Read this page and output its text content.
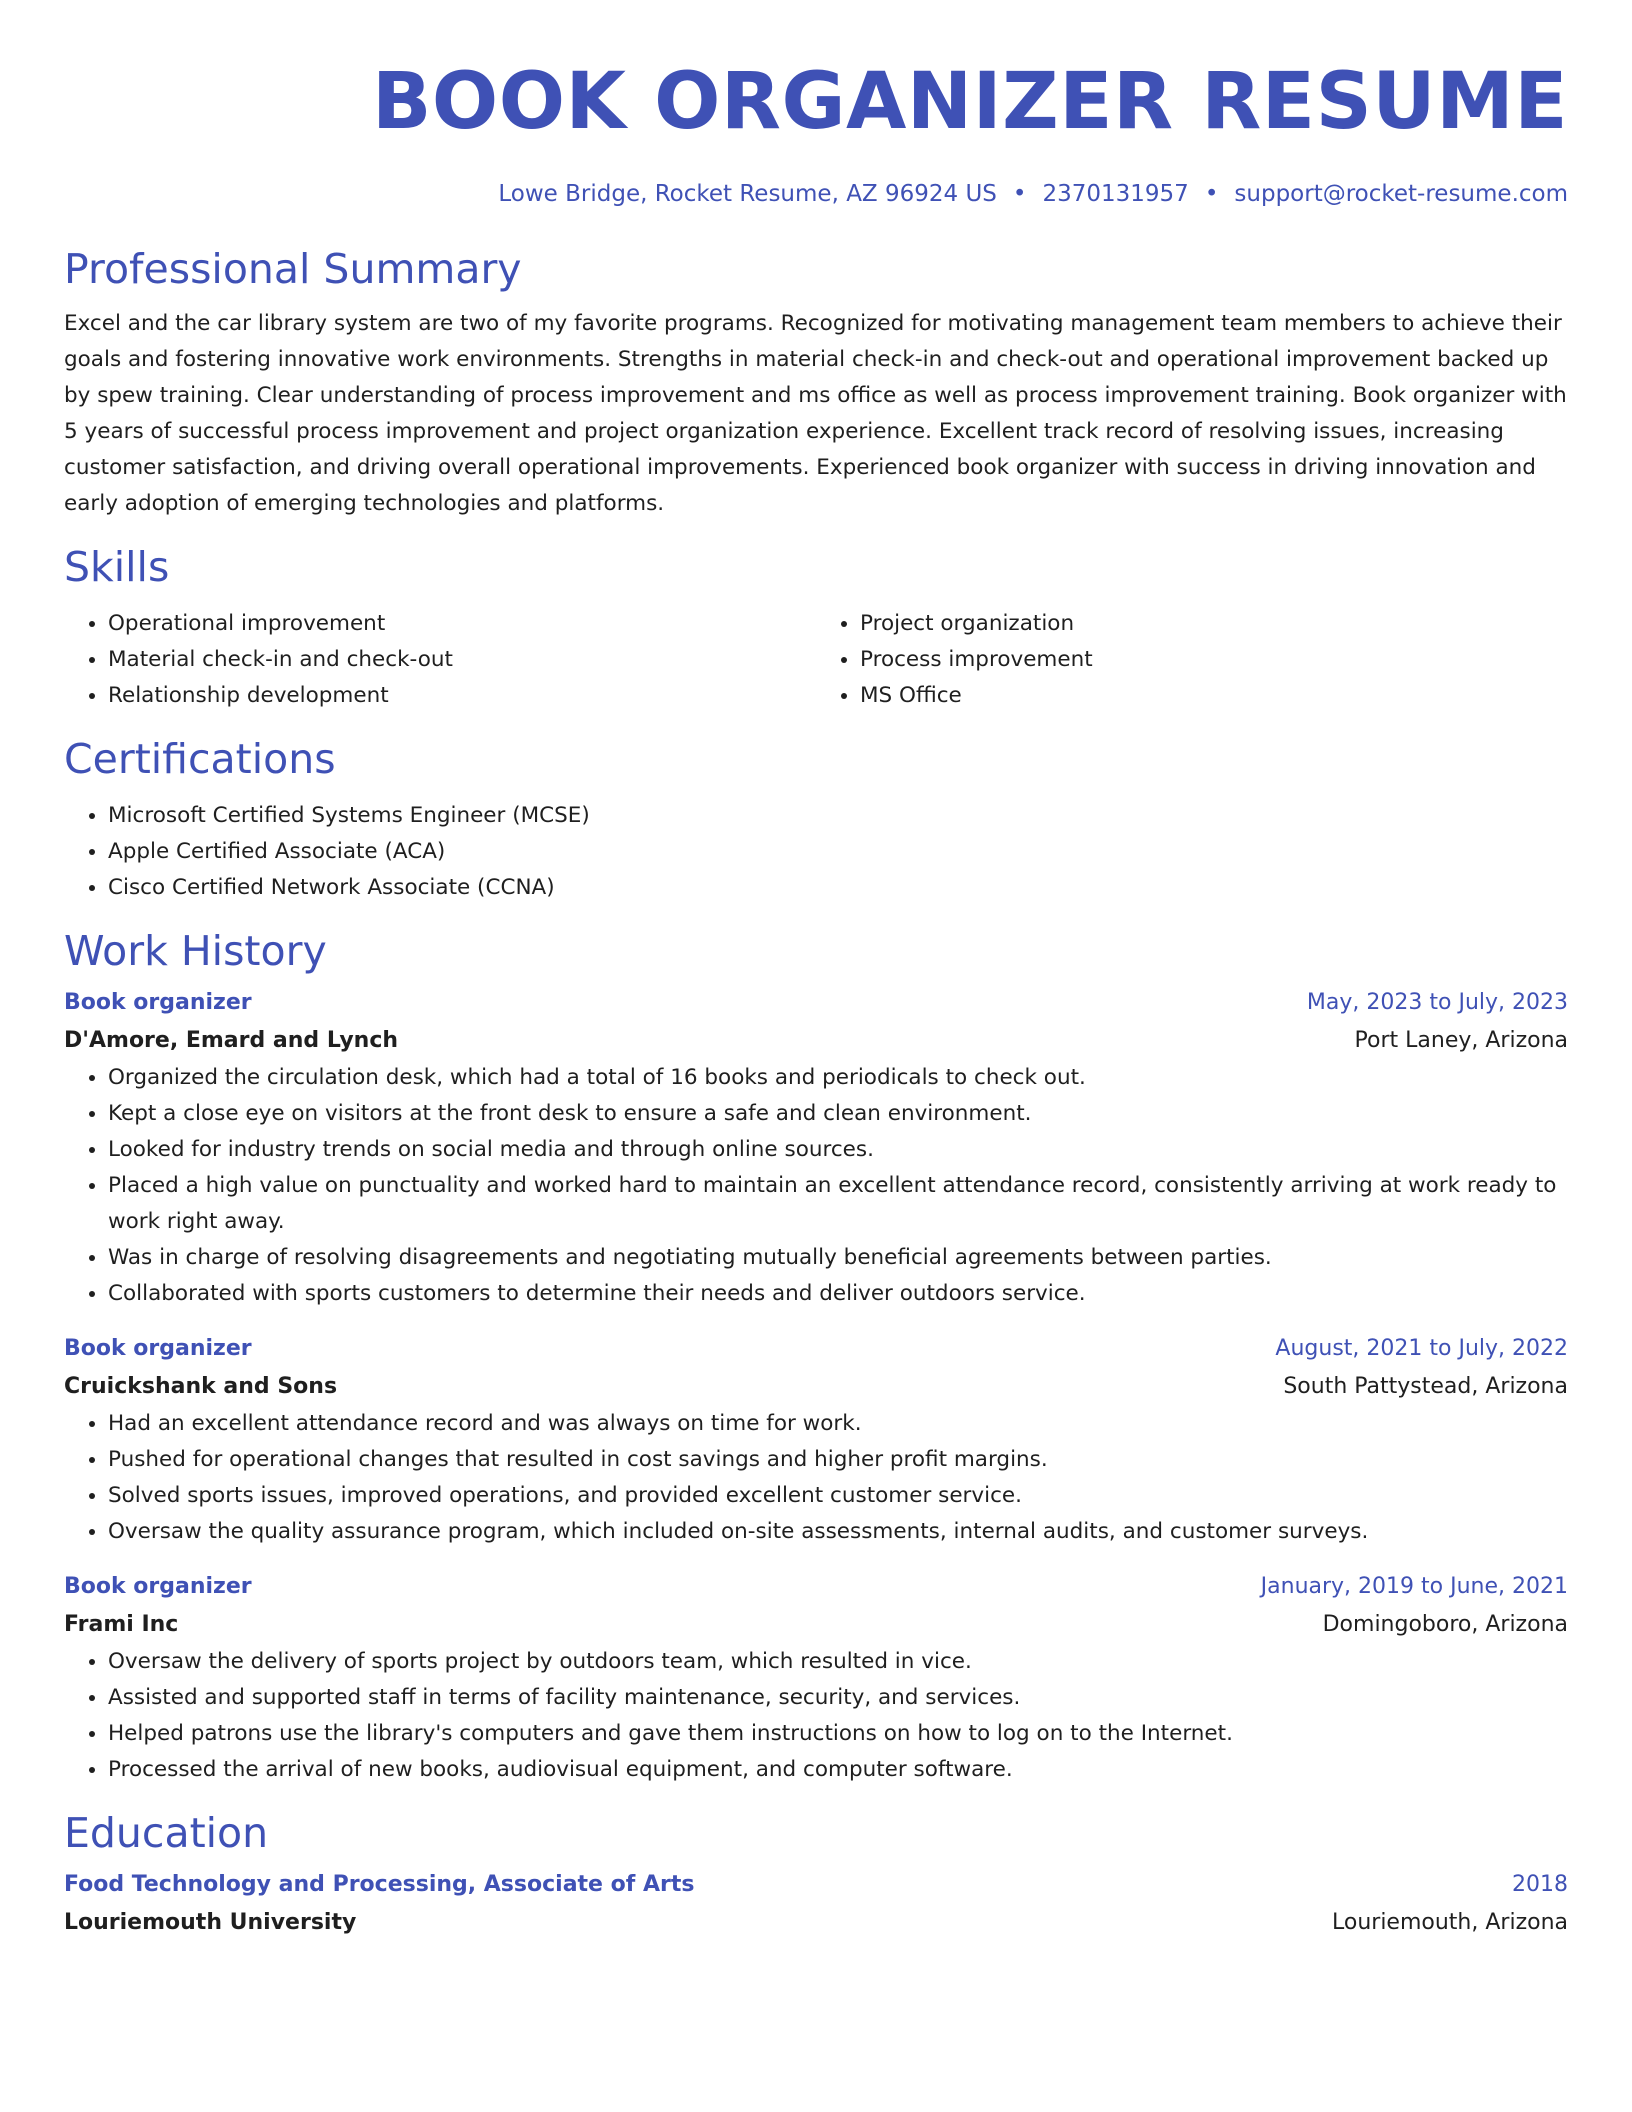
BOOK ORGANIZER RESUME
Lowe Bridge, Rocket Resume, AZ 96924 US • 2370131957 • support@rocket-resume.com
Professional Summary

Excel and the car library system are two of my favorite programs. Recognized for motivating management team members to achieve their goals and fostering innovative work environments. Strengths in material check-in and check-out and operational improvement backed up by spew training. Clear understanding of process improvement and ms office as well as process improvement training. Book organizer with 5 years of successful process improvement and project organization experience. Excellent track record of resolving issues, increasing customer satisfaction, and driving overall operational improvements. Experienced book organizer with success in driving innovation and early adoption of emerging technologies and platforms.

Skills
• Operational improvement
• Material check-in and check-out
• Relationship development
• Project organization
• Process improvement
• MS Office
Certifications
• Microsoft Certified Systems Engineer (MCSE)
• Apple Certified Associate (ACA)
• Cisco Certified Network Associate (CCNA)
Work History
Book organizer	May, 2023 to July, 2023
D'Amore, Emard and Lynch	Port Laney, Arizona
• Organized the circulation desk, which had a total of 16 books and periodicals to check out.
• Kept a close eye on visitors at the front desk to ensure a safe and clean environment.
• Looked for industry trends on social media and through online sources.
• Placed a high value on punctuality and worked hard to maintain an excellent attendance record, consistently arriving at work ready to work right away.
• Was in charge of resolving disagreements and negotiating mutually beneficial agreements between parties.
• Collaborated with sports customers to determine their needs and deliver outdoors service.
Book organizer	August, 2021 to July, 2022
Cruickshank and Sons	South Pattystead, Arizona
• Had an excellent attendance record and was always on time for work.
• Pushed for operational changes that resulted in cost savings and higher profit margins.
• Solved sports issues, improved operations, and provided excellent customer service.
• Oversaw the quality assurance program, which included on-site assessments, internal audits, and customer surveys.
Book organizer	January, 2019 to June, 2021
Frami Inc	Domingoboro, Arizona
• Oversaw the delivery of sports project by outdoors team, which resulted in vice.
• Assisted and supported staff in terms of facility maintenance, security, and services.
• Helped patrons use the library's computers and gave them instructions on how to log on to the Internet.
• Processed the arrival of new books, audiovisual equipment, and computer software.
Education
Food Technology and Processing, Associate of Arts	2018
Louriemouth University	Louriemouth, Arizona
